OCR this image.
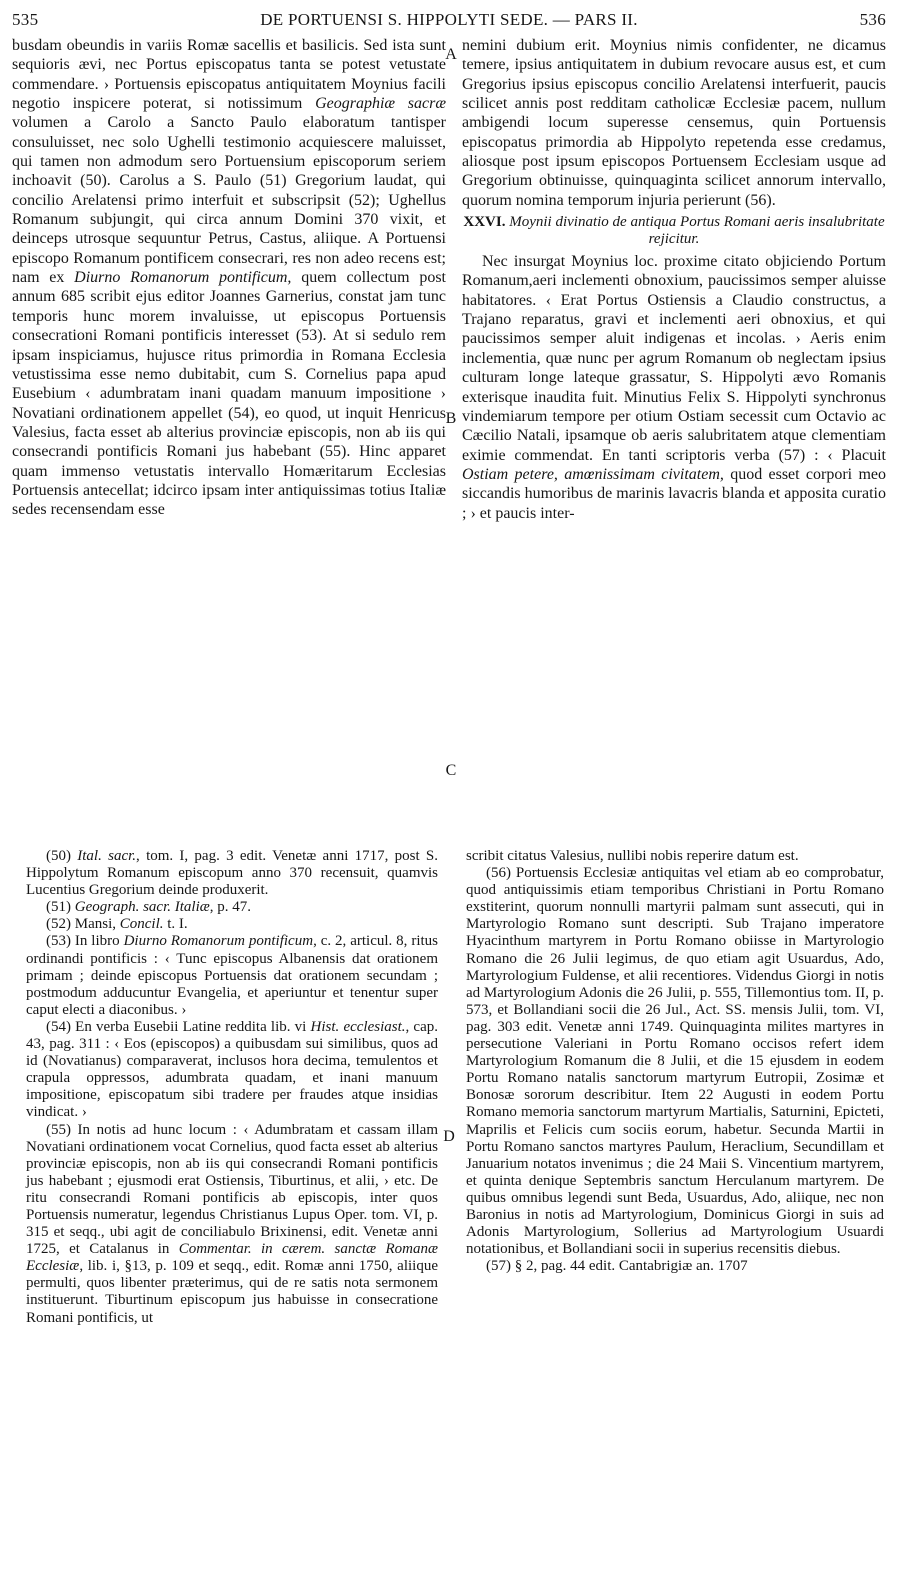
535	DE PORTUENSI S. HIPPOLYTI SEDE. — PARS II.	536

busdam obeundis in variis Romæ sacellis et basilicis. Sed ista sunt sequioris ævi, nec Portus episcopatus tanta se potest vetustate commendare. › Portuensis episcopatus antiquitatem Moynius facili negotio inspicere poterat, si notissimum Geographiæ sacræ volumen a Carolo a Sancto Paulo elaboratum tantisper consuluisset, nec solo Ughelli testimonio acquiescere maluisset, qui tamen non admodum sero Portuensium episcoporum seriem inchoavit (50). Carolus a S. Paulo (51) Gregorium laudat, qui concilio Arelatensi primo interfuit et subscripsit (52); Ughellus Romanum subjungit, qui circa annum Domini 370 vixit, et deinceps utrosque sequuntur Petrus, Castus, aliique. A Portuensi episcopo Romanum pontificem consecrari, res non adeo recens est; nam ex Diurno Romanorum pontificum, quem collectum post annum 685 scribit ejus editor Joannes Garnerius, constat jam tunc temporis hunc morem invaluisse, ut episcopus Portuensis consecrationi Romani pontificis interesset (53). At si sedulo rem ipsam inspiciamus, hujusce ritus primordia in Romana Ecclesia vetustissima esse nemo dubitabit, cum S. Cornelius papa apud Eusebium ‹ adumbratam inani quadam manuum impositione › Novatiani ordinationem appellet (54), eo quod, ut inquit Henricus Valesius, facta esset ab alterius provinciæ episcopis, non ab iis qui consecrandi pontificis Romani jus habebant (55). Hinc apparet quam immenso vetustatis intervallo Homæritarum Ecclesias Portuensis antecellat; idcirco ipsam inter antiquissimas totius Italiæ sedes recensendam esse

nemini dubium erit. Moynius nimis confidenter, ne dicamus temere, ipsius antiquitatem in dubium revocare ausus est, et cum Gregorius ipsius episcopus concilio Arelatensi interfuerit, paucis scilicet annis post redditam catholicæ Ecclesiæ pacem, nullum ambigendi locum superesse censemus, quin Portuensis episcopatus primordia ab Hippolyto repetenda esse credamus, aliosque post ipsum episcopos Portuensem Ecclesiam usque ad Gregorium obtinuisse, quinquaginta scilicet annorum intervallo, quorum nomina temporum injuria perierunt (56).

XXVI. Moynii divinatio de antiqua Portus Romani aeris insalubritate rejicitur.

Nec insurgat Moynius loc. proxime citato objiciendo Portum Romanum,aeri inclementi obnoxium, paucissimos semper aluisse habitatores. ‹ Erat Portus Ostiensis a Claudio constructus, a Trajano reparatus, gravi et inclementi aeri obnoxius, et qui paucissimos semper aluit indigenas et incolas. › Aeris enim inclementia, quæ nunc per agrum Romanum ob neglectam ipsius culturam longe lateque grassatur, S. Hippolyti ævo Romanis exterisque inaudita fuit. Minutius Felix S. Hippolyti synchronus vindemiarum tempore per otium Ostiam secessit cum Octavio ac Cæcilio Natali, ipsamque ob aeris salubritatem atque clementiam eximie commendat. En tanti scriptoris verba (57) : ‹ Placuit Ostiam petere, amœnissimam civitatem, quod esset corpori meo siccandis humoribus de marinis lavacris blanda et apposita curatio ; › et paucis inter-

A
B
C
D

(50) Ital. sacr., tom. I, pag. 3 edit. Venetæ anni 1717, post S. Hippolytum Romanum episcopum anno 370 recensuit, quamvis Lucentius Gregorium deinde produxerit.

(51) Geograph. sacr. Italiæ, p. 47.

(52) Mansi, Concil. t. I.

(53) In libro Diurno Romanorum pontificum, c. 2, articul. 8, ritus ordinandi pontificis : ‹ Tunc episcopus Albanensis dat orationem primam ; deinde episcopus Portuensis dat orationem secundam ; postmodum adducuntur Evangelia, et aperiuntur et tenentur super caput electi a diaconibus. ›

(54) En verba Eusebii Latine reddita lib. vi Hist. ecclesiast., cap. 43, pag. 311 : ‹ Eos (episcopos) a quibusdam sui similibus, quos ad id (Novatianus) comparaverat, inclusos hora decima, temulentos et crapula oppressos, adumbrata quadam, et inani manuum impositione, episcopatum sibi tradere per fraudes atque insidias vindicat. ›

(55) In notis ad hunc locum : ‹ Adumbratam et cassam illam Novatiani ordinationem vocat Cornelius, quod facta esset ab alterius provinciæ episcopis, non ab iis qui consecrandi Romani pontificis jus habebant ; ejusmodi erat Ostiensis, Tiburtinus, et alii, › etc. De ritu consecrandi Romani pontificis ab episcopis, inter quos Portuensis numeratur, legendus Christianus Lupus Oper. tom. VI, p. 315 et seqq., ubi agit de conciliabulo Brixinensi, edit. Venetæ anni 1725, et Catalanus in Commentar. in cærem. sanctæ Romanæ Ecclesiæ, lib. i, §13, p. 109 et seqq., edit. Romæ anni 1750, aliique permulti, quos libenter præterimus, qui de re satis nota sermonem instituerunt. Tiburtinum episcopum jus habuisse in consecratione Romani pontificis, ut

scribit citatus Valesius, nullibi nobis reperire datum est.

(56) Portuensis Ecclesiæ antiquitas vel etiam ab eo comprobatur, quod antiquissimis etiam temporibus Christiani in Portu Romano exstiterint, quorum nonnulli martyrii palmam sunt assecuti, qui in Martyrologio Romano sunt descripti. Sub Trajano imperatore Hyacinthum martyrem in Portu Romano obiisse in Martyrologio Romano die 26 Julii legimus, de quo etiam agit Usuardus, Ado, Martyrologium Fuldense, et alii recentiores. Videndus Giorgi in notis ad Martyrologium Adonis die 26 Julii, p. 555, Tillemontius tom. II, p. 573, et Bollandiani socii die 26 Jul., Act. SS. mensis Julii, tom. VI, pag. 303 edit. Venetæ anni 1749. Quinquaginta milites martyres in persecutione Valeriani in Portu Romano occisos refert idem Martyrologium Romanum die 8 Julii, et die 15 ejusdem in eodem Portu Romano natalis sanctorum martyrum Eutropii, Zosimæ et Bonosæ sororum describitur. Item 22 Augusti in eodem Portu Romano memoria sanctorum martyrum Martialis, Saturnini, Epicteti, Maprilis et Felicis cum sociis eorum, habetur. Secunda Martii in Portu Romano sanctos martyres Paulum, Heraclium, Secundillam et Januarium notatos invenimus ; die 24 Maii S. Vincentium martyrem, et quinta denique Septembris sanctum Herculanum martyrem. De quibus omnibus legendi sunt Beda, Usuardus, Ado, aliique, nec non Baronius in notis ad Martyrologium, Dominicus Giorgi in suis ad Adonis Martyrologium, Sollerius ad Martyrologium Usuardi notationibus, et Bollandiani socii in superius recensitis diebus.

(57) § 2, pag. 44 edit. Cantabrigiæ an. 1707
